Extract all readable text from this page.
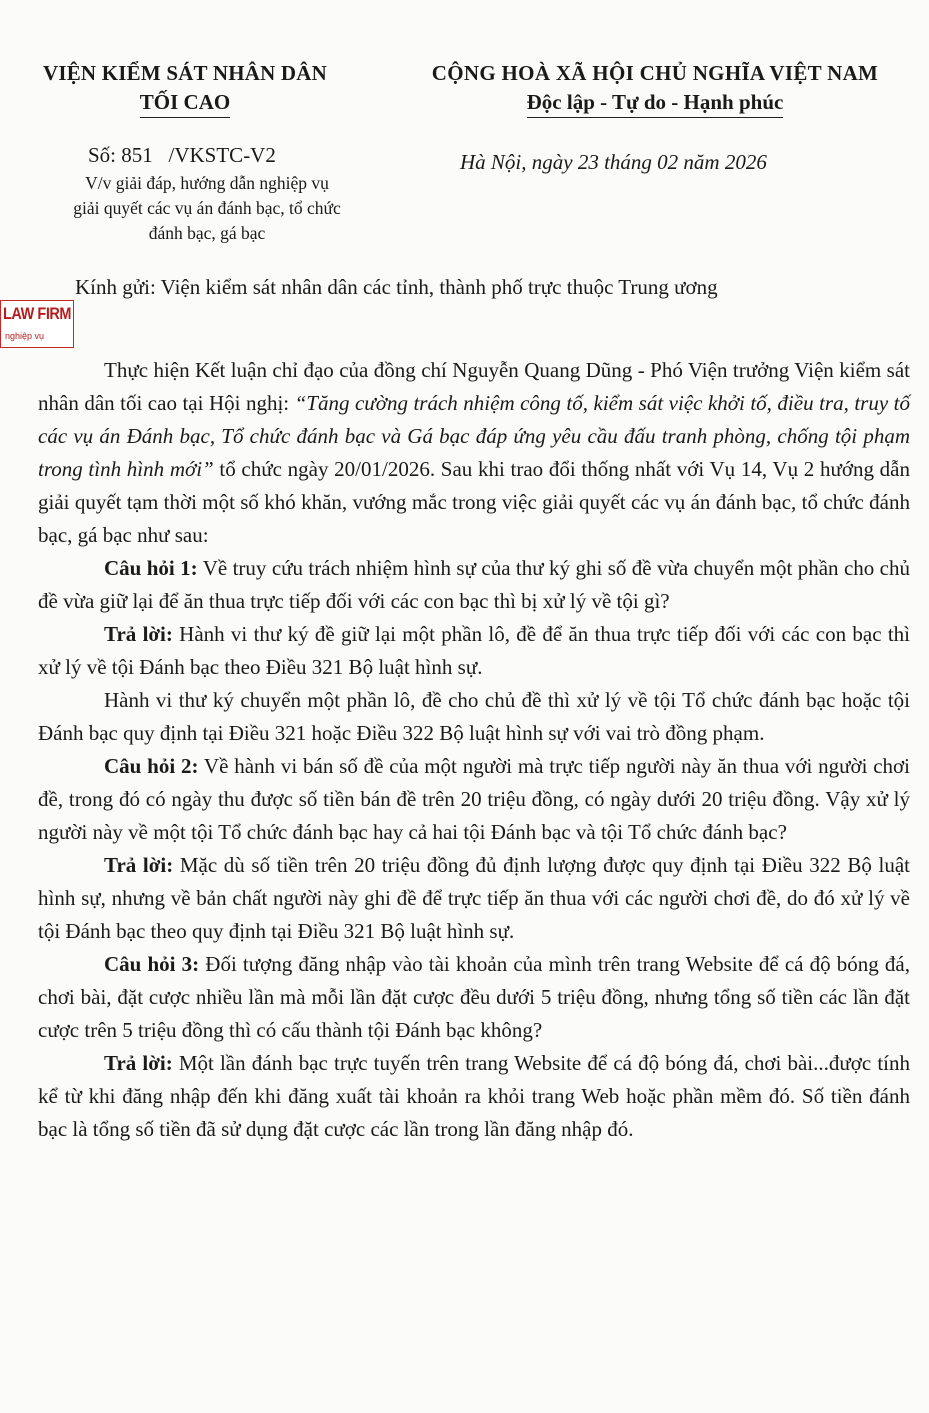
VIỆN KIỂM SÁT NHÂN DÂN
TỐI CAO
CỘNG HOÀ XÃ HỘI CHỦ NGHĨA VIỆT NAM
Độc lập - Tự do - Hạnh phúc
Số: 851   /VKSTC-V2
V/v giải đáp, hướng dẫn nghiệp vụ
giải quyết các vụ án đánh bạc, tổ chức
đánh bạc, gá bạc
Hà Nội, ngày 23 tháng 02 năm 2026
Kính gửi: Viện kiểm sát nhân dân các tỉnh, thành phố trực thuộc Trung ương
LAW FIRM
nghiệp vụ

Thực hiện Kết luận chỉ đạo của đồng chí Nguyễn Quang Dũng - Phó Viện trưởng Viện kiểm sát nhân dân tối cao tại Hội nghị: “Tăng cường trách nhiệm công tố, kiểm sát việc khởi tố, điều tra, truy tố các vụ án Đánh bạc, Tổ chức đánh bạc và Gá bạc đáp ứng yêu cầu đấu tranh phòng, chống tội phạm trong tình hình mới” tổ chức ngày 20/01/2026. Sau khi trao đổi thống nhất với Vụ 14, Vụ 2 hướng dẫn giải quyết tạm thời một số khó khăn, vướng mắc trong việc giải quyết các vụ án đánh bạc, tổ chức đánh bạc, gá bạc như sau:

Câu hỏi 1: Về truy cứu trách nhiệm hình sự của thư ký ghi số đề vừa chuyển một phần cho chủ đề vừa giữ lại để ăn thua trực tiếp đối với các con bạc thì bị xử lý về tội gì?

Trả lời: Hành vi thư ký đề giữ lại một phần lô, đề để ăn thua trực tiếp đối với các con bạc thì xử lý về tội Đánh bạc theo Điều 321 Bộ luật hình sự.

Hành vi thư ký chuyển một phần lô, đề cho chủ đề thì xử lý về tội Tổ chức đánh bạc hoặc tội Đánh bạc quy định tại Điều 321 hoặc Điều 322 Bộ luật hình sự với vai trò đồng phạm.

Câu hỏi 2: Về hành vi bán số đề của một người mà trực tiếp người này ăn thua với người chơi đề, trong đó có ngày thu được số tiền bán đề trên 20 triệu đồng, có ngày dưới 20 triệu đồng. Vậy xử lý người này về một tội Tổ chức đánh bạc hay cả hai tội Đánh bạc và tội Tổ chức đánh bạc?

Trả lời: Mặc dù số tiền trên 20 triệu đồng đủ định lượng được quy định tại Điều 322 Bộ luật hình sự, nhưng về bản chất người này ghi đề để trực tiếp ăn thua với các người chơi đề, do đó xử lý về tội Đánh bạc theo quy định tại Điều 321 Bộ luật hình sự.

Câu hỏi 3: Đối tượng đăng nhập vào tài khoản của mình trên trang Website để cá độ bóng đá, chơi bài, đặt cược nhiều lần mà mỗi lần đặt cược đều dưới 5 triệu đồng, nhưng tổng số tiền các lần đặt cược trên 5 triệu đồng thì có cấu thành tội Đánh bạc không?

Trả lời: Một lần đánh bạc trực tuyến trên trang Website để cá độ bóng đá, chơi bài...được tính kể từ khi đăng nhập đến khi đăng xuất tài khoản ra khỏi trang Web hoặc phần mềm đó. Số tiền đánh bạc là tổng số tiền đã sử dụng đặt cược các lần trong lần đăng nhập đó.
